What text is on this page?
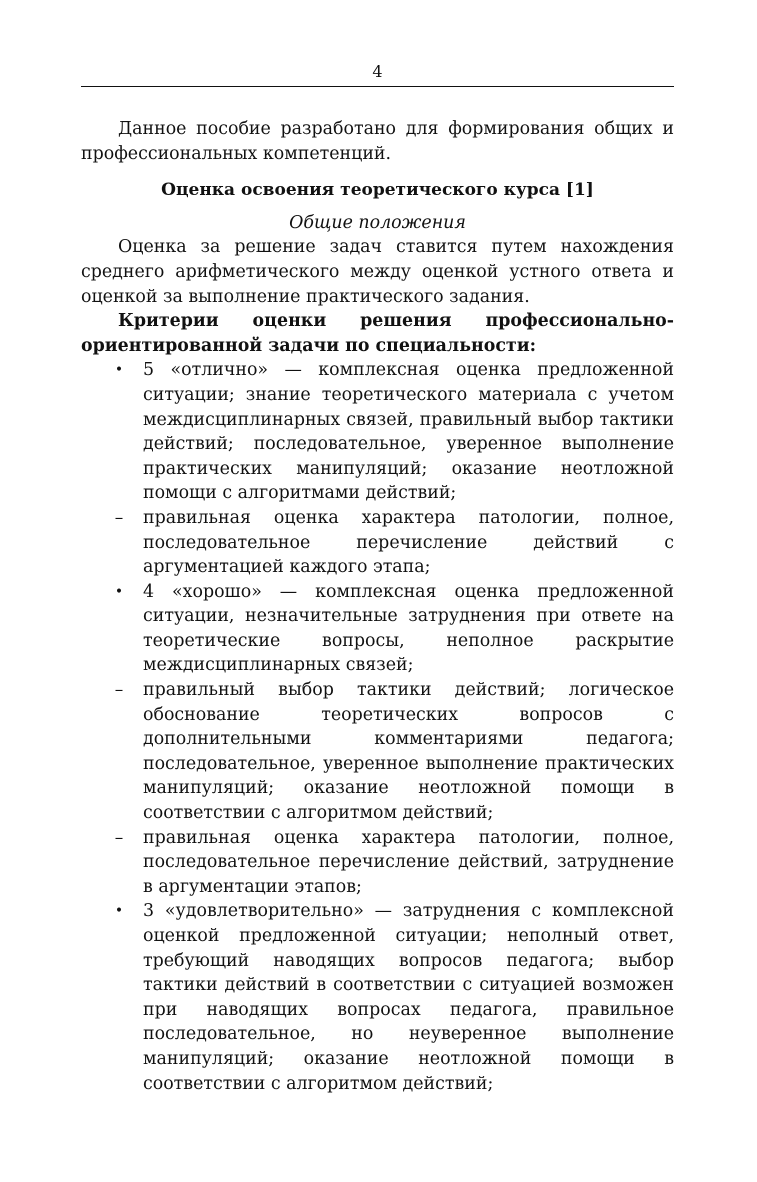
4

Данное пособие разработано для формирования общих и профессиональных компетенций.

Оценка освоения теоретического курса [1]

Общие положения

Оценка за решение задач ставится путем нахождения среднего арифметического между оценкой устного ответа и оценкой за выполнение практического задания.

Критерии оценки решения профессионально-ориентированной задачи по специальности:

•	5 «отлично» — комплексная оценка предложенной ситуации; знание теоретического материала с учетом междисциплинарных связей, правильный выбор тактики действий; последовательное, уверенное выполнение практических манипуляций; оказание неотложной помощи с алгоритмами действий;
–	правильная оценка характера патологии, полное, последовательное перечисление действий с аргументацией каждого этапа;
•	4 «хорошо» — комплексная оценка предложенной ситуации, незначительные затруднения при ответе на теоретические вопросы, неполное раскрытие междисциплинарных связей;
–	правильный выбор тактики действий; логическое обоснование теоретических вопросов с дополнительными комментариями педагога; последовательное, уверенное выполнение практических манипуляций; оказание неотложной помощи в соответствии с алгоритмом действий;
–	правильная оценка характера патологии, полное, последовательное перечисление действий, затруднение в аргументации этапов;
•	3 «удовлетворительно» — затруднения с комплексной оценкой предложенной ситуации; неполный ответ, требующий наводящих вопросов педагога; выбор тактики действий в соответствии с ситуацией возможен при наводящих вопросах педагога, правильное последовательное, но неуверенное выполнение манипуляций; оказание неотложной помощи в соответствии с алгоритмом действий;
